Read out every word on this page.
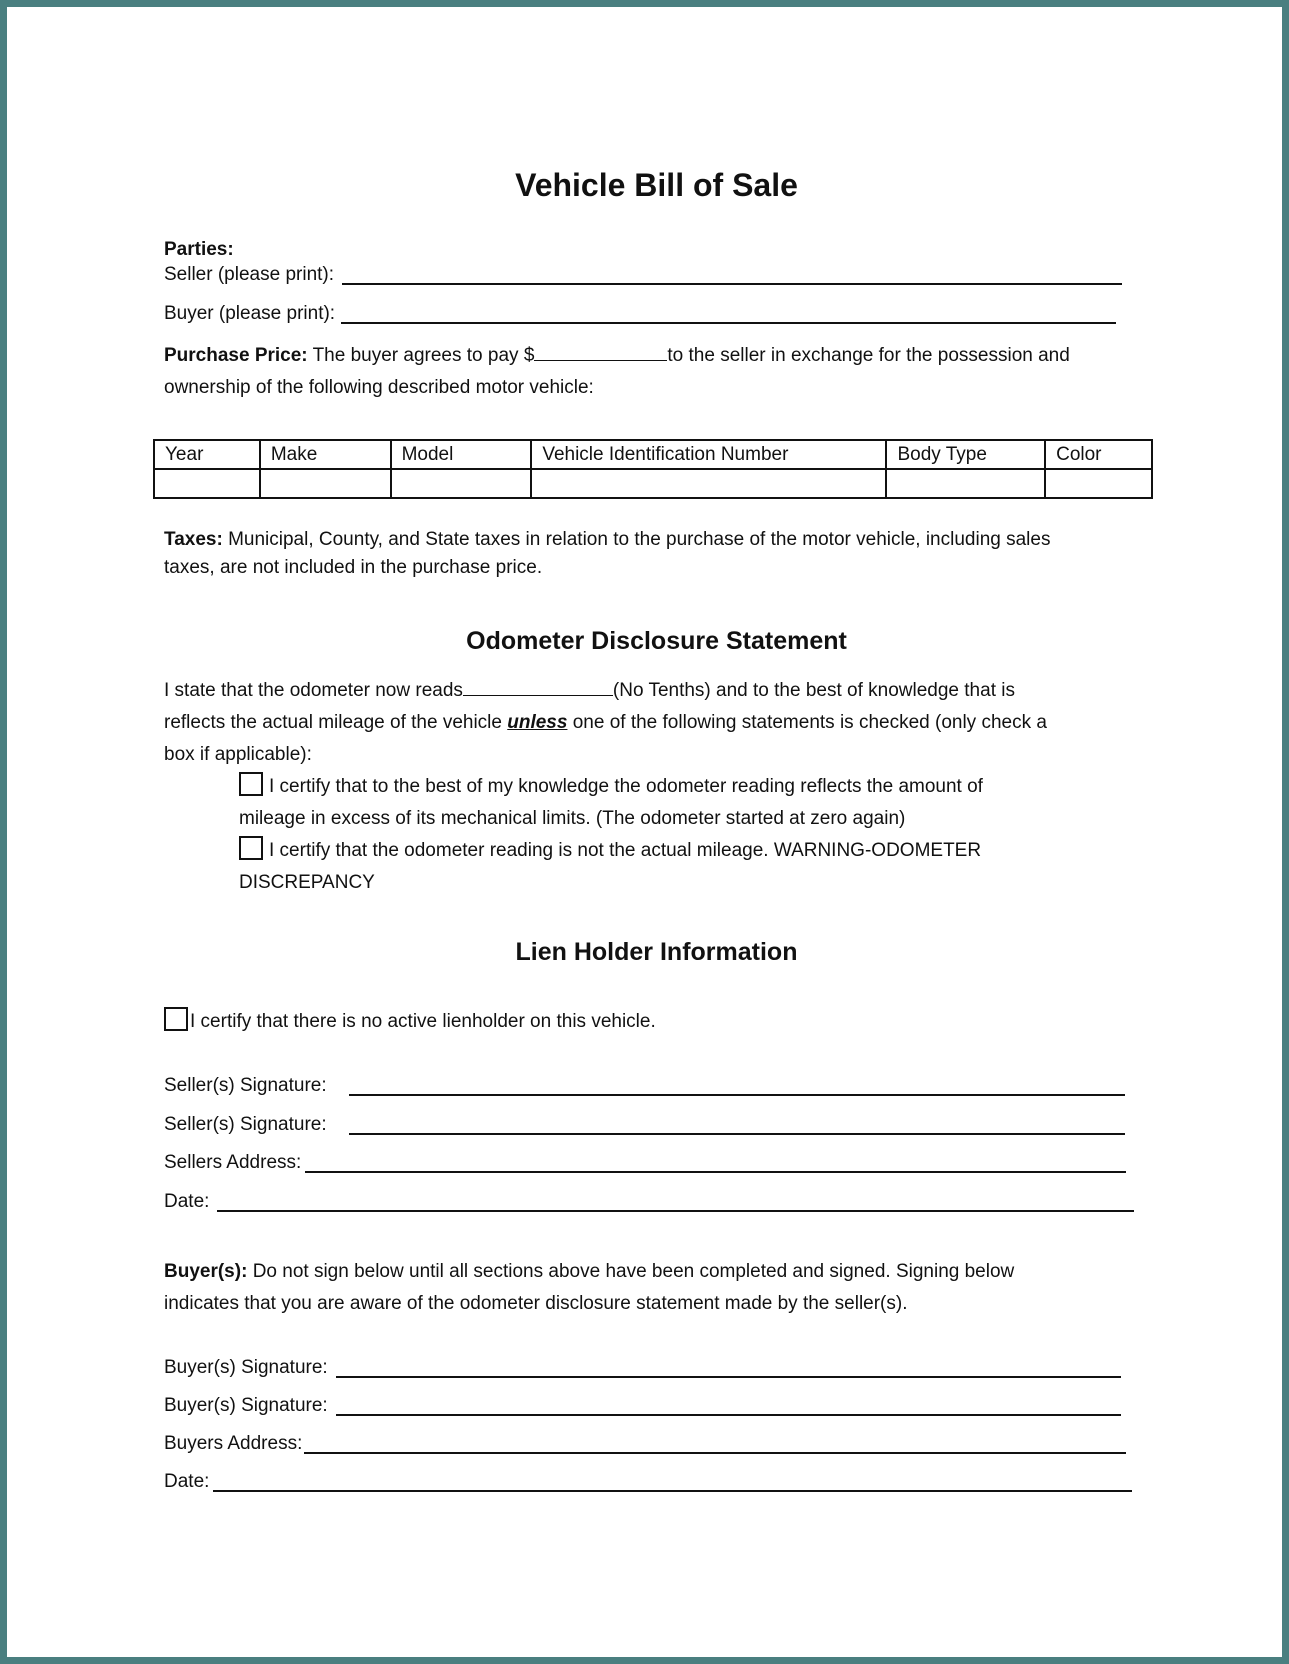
Vehicle Bill of Sale
Parties:
Seller (please print):
Buyer (please print):
Purchase Price: The buyer agrees to pay $	to the seller in exchange for the possession and
ownership of the following described motor vehicle:
Year	Make	Model	Vehicle Identification Number	Body Type	Color

Taxes: Municipal, County, and State taxes in relation to the purchase of the motor vehicle, including sales
taxes, are not included in the purchase price.
Odometer Disclosure Statement
I state that the odometer now reads	(No Tenths) and to the best of knowledge that is
reflects the actual mileage of the vehicle unless one of the following statements is checked (only check a
box if applicable):
I certify that to the best of my knowledge the odometer reading reflects the amount of
mileage in excess of its mechanical limits. (The odometer started at zero again)
I certify that the odometer reading is not the actual mileage. WARNING-ODOMETER
DISCREPANCY
Lien Holder Information
I certify that there is no active lienholder on this vehicle.
Seller(s) Signature:
Seller(s) Signature:
Sellers Address:
Date:
Buyer(s): Do not sign below until all sections above have been completed and signed. Signing below
indicates that you are aware of the odometer disclosure statement made by the seller(s).
Buyer(s) Signature:
Buyer(s) Signature:
Buyers Address:
Date:
